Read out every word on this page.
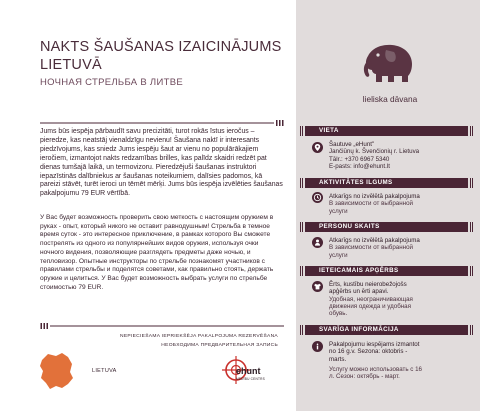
NAKTS ŠAUŠANAS IZAICINĀJUMS
LIETUVĀ
НОЧНАЯ СТРЕЛЬБА В ЛИТВЕ

Jums būs iespēja pārbaudīt savu precizitāti, turot rokās īstus ieročus – pieredze, kas neatstāj vienaldzīgu nevienu! Šaušana naktī ir interesants piedzīvojums, kas sniedz Jums iespēju šaut ar vienu no populārākajiem ieročiem, izmantojot nakts redzamības brilles, kas palīdz skaidri redzēt pat dienas tumšajā laikā, un termovizoru. Pieredzējuši šaušanas instruktori iepazīstinās dalībniekus ar šaušanas noteikumiem, dalīsies padomos, kā pareizi stāvēt, turēt ieroci un tēmēt mērķi. Jums būs iespēja izvēlēties šaušanas pakalpojumu 79 EUR vērtībā.

У Вас будет возможность проверить свою меткость с настоящим оружием в руках - опыт, который никого не оставит равнодушным! Стрельба в темное время суток - это интересное приключение, в рамках которого Вы сможете пострелять из одного из популярнейших видов оружия, используя очки ночного видения, позволяющие разглядеть предметы даже ночью, и тепловизор. Опытные инструкторы по стрельбе познакомят участников с правилами стрельбы и поделятся советами, как правильно стоять, держать оружие и целиться. У Вас будет возможность выбрать услуги по стрельбе стоимостью 79 EUR.

NEPIECIEŠAMA IEPRIEKŠĒJA PAKALPOJUMA REZERVĒŠANA
НЕОБХОДИМА ПРЕДВАРИТЕЛЬНАЯ ЗАПИСЬ
LIETUVA	ehunt
MEDĪBU CENTRS
lieliska dāvana
VIETA
Šautuve „eHunt"
Jančiūnų k. Švenčionių r. Lietuva
Tālr.: +370 6967 5340
E-pasts: info@ehunt.lt
AKTIVITĀTES ILGUMS
Atkarīgs no izvēlētā pakalpojuma
В зависимости от выбранной
услуги
PERSONU SKAITS
Atkarīgs no izvēlētā pakalpojuma
В зависимости от выбранной
услуги
IETEICAMAIS APĢĒRBS
Ērts, kustību neierobežojošs
apģērbs un ērti apavi.
Удобная, неограничивающая
движения одежда и удобная
обувь.
SVARĪGA INFORMĀCIJA
Pakalpojumu iespējams izmantot
no 16 g.v. Sezona: oktobris -
marts.
Услугу можно использовать с 16
л. Сезон: октябрь - март.
